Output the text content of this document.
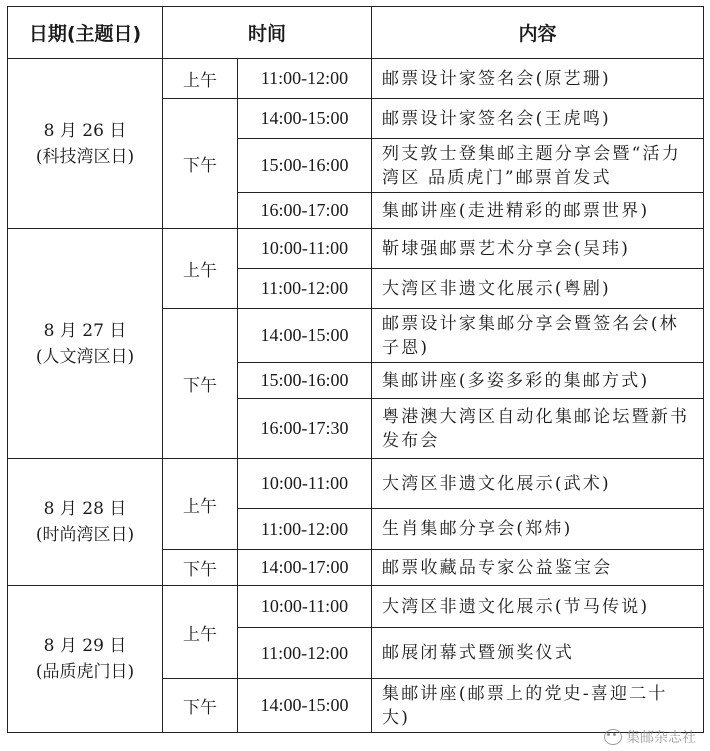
日期(主题日)	时间		内容

8 月 26 日
(科技湾区日)	上午	11:00-12:00	邮票设计家签名会(原艺珊)
	下午	14:00-15:00	邮票设计家签名会(王虎鸣)
		15:00-16:00	列支敦士登集邮主题分享会暨“活力湾区 品质虎门”邮票首发式
		16:00-17:00	集邮讲座(走进精彩的邮票世界)

8 月 27 日
(人文湾区日)	上午	10:00-11:00	靳埭强邮票艺术分享会(吴玮)
		11:00-12:00	大湾区非遗文化展示(粤剧)
	下午	14:00-15:00	邮票设计家集邮分享会暨签名会(林子恩)
		15:00-16:00	集邮讲座(多姿多彩的集邮方式)
		16:00-17:30	粤港澳大湾区自动化集邮论坛暨新书发布会

8 月 28 日
(时尚湾区日)	上午	10:00-11:00	大湾区非遗文化展示(武术)
		11:00-12:00	生肖集邮分享会(郑炜)
	下午	14:00-17:00	邮票收藏品专家公益鉴宝会

8 月 29 日
(品质虎门日)	上午	10:00-11:00	大湾区非遗文化展示(节马传说)
		11:00-12:00	邮展闭幕式暨颁奖仪式
	下午	14:00-15:00	集邮讲座(邮票上的党史-喜迎二十大)
集邮杂志社
